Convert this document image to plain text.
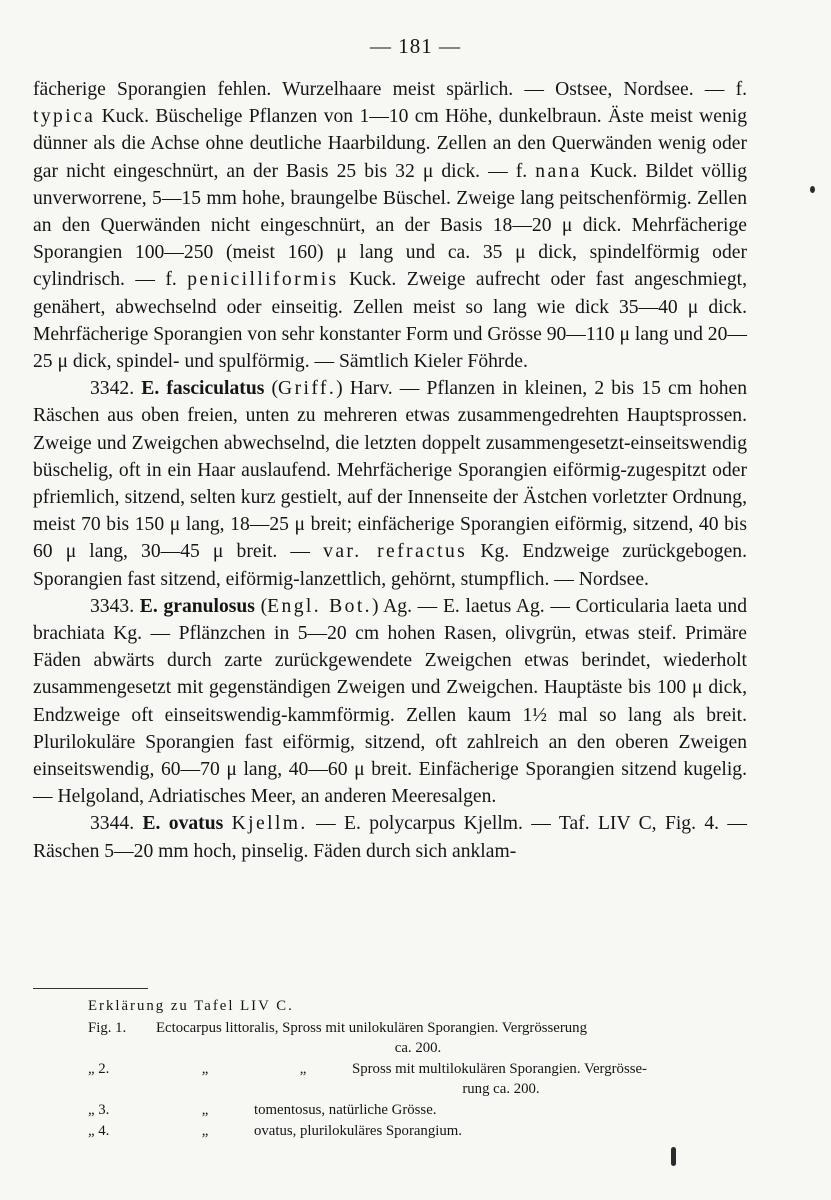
— 181 —

fächerige Sporangien fehlen. Wurzelhaare meist spärlich. — Ostsee, Nordsee. — f. typica Kuck. Büschelige Pflanzen von 1—10 cm Höhe, dunkelbraun. Äste meist wenig dünner als die Achse ohne deutliche Haarbildung. Zellen an den Querwänden wenig oder gar nicht eingeschnürt, an der Basis 25 bis 32 μ dick. — f. nana Kuck. Bildet völlig unverworrene, 5—15 mm hohe, braungelbe Büschel. Zweige lang peitschenförmig. Zellen an den Querwänden nicht eingeschnürt, an der Basis 18—20 μ dick. Mehrfächerige Sporangien 100—250 (meist 160) μ lang und ca. 35 μ dick, spindelförmig oder cylindrisch. — f. penicilliformis Kuck. Zweige aufrecht oder fast angeschmiegt, genähert, abwechselnd oder einseitig. Zellen meist so lang wie dick 35—40 μ dick. Mehrfächerige Sporangien von sehr konstanter Form und Grösse 90—110 μ lang und 20—25 μ dick, spindel- und spulförmig. — Sämtlich Kieler Föhrde.

3342. E. fasciculatus (Griff.) Harv. — Pflanzen in kleinen, 2 bis 15 cm hohen Räschen aus oben freien, unten zu mehreren etwas zusammengedrehten Hauptsprossen. Zweige und Zweigchen abwechselnd, die letzten doppelt zusammengesetzt-einseitswendig büschelig, oft in ein Haar auslaufend. Mehrfächerige Sporangien eiförmig-zugespitzt oder pfriemlich, sitzend, selten kurz gestielt, auf der Innenseite der Ästchen vorletzter Ordnung, meist 70 bis 150 μ lang, 18—25 μ breit; einfächerige Sporangien eiförmig, sitzend, 40 bis 60 μ lang, 30—45 μ breit. — var. refractus Kg. Endzweige zurückgebogen. Sporangien fast sitzend, eiförmig-lanzettlich, gehörnt, stumpflich. — Nordsee.

3343. E. granulosus (Engl. Bot.) Ag. — E. laetus Ag. — Corticularia laeta und brachiata Kg. — Pflänzchen in 5—20 cm hohen Rasen, olivgrün, etwas steif. Primäre Fäden abwärts durch zarte zurückgewendete Zweigchen etwas berindet, wiederholt zusammengesetzt mit gegenständigen Zweigen und Zweigchen. Hauptäste bis 100 μ dick, Endzweige oft einseitswendig-kammförmig. Zellen kaum 1½ mal so lang als breit. Plurilokuläre Sporangien fast eiförmig, sitzend, oft zahlreich an den oberen Zweigen einseitswendig, 60—70 μ lang, 40—60 μ breit. Einfächerige Sporangien sitzend kugelig. — Helgoland, Adriatisches Meer, an anderen Meeresalgen.

3344. E. ovatus Kjellm. — E. polycarpus Kjellm. — Taf. LIV C, Fig. 4. — Räschen 5—20 mm hoch, pinselig. Fäden durch sich anklam-

Erklärung zu Tafel LIV C.
Fig. 1.	Ectocarpus littoralis, Spross mit unilokulären Sporangien. Vergrösserung
ca. 200.
„ 2.	„	„	Spross mit multilokulären Sporangien. Vergrösse-
rung ca. 200.
„ 3.	„	tomentosus, natürliche Grösse.
„ 4.	„	ovatus, plurilokuläres Sporangium.
